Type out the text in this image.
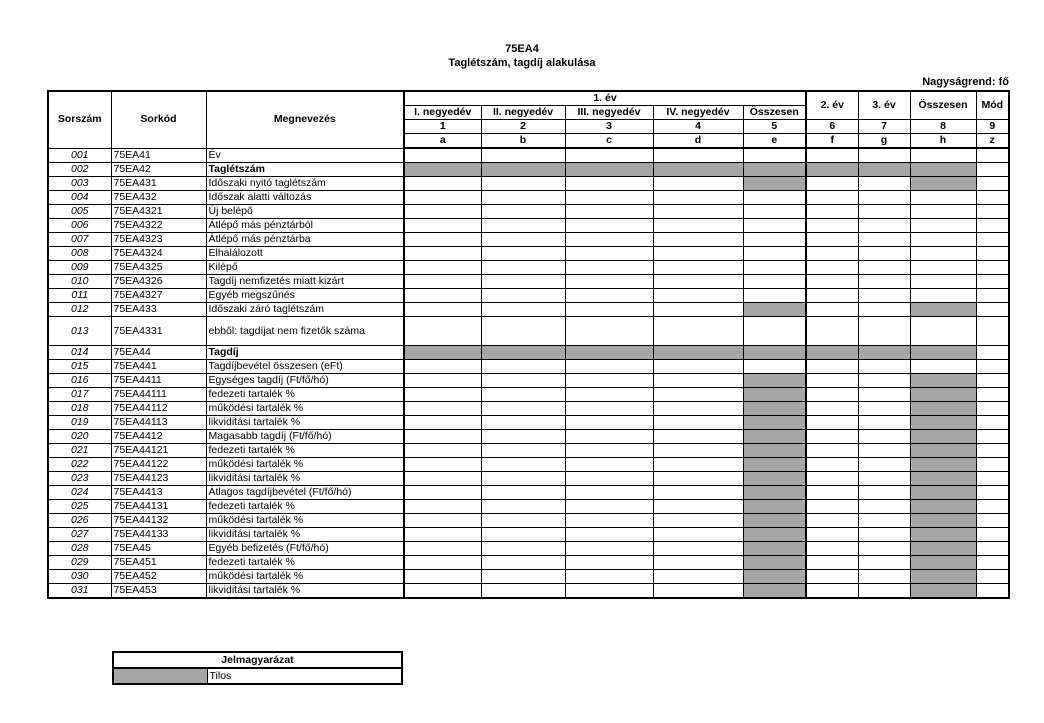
75EA4
Taglétszám, tagdíj alakulása
Nagyságrend: fő
Sorszám	Sorkód	Megnevezés	1. év					2. év	3. év	Összesen	Mód
			I. negyedév	II. negyedév	III. negyedév	IV. negyedév	Összesen				
			1	2	3	4	5	6	7	8	9
			a	b	c	d	e	f	g	h	z
001	75EA41	Év									
002	75EA42	Taglétszám									
003	75EA431	Időszaki nyitó taglétszám									
004	75EA432	Időszak alatti változás									
005	75EA4321	Új belépő									
006	75EA4322	Átlépő más pénztárból									
007	75EA4323	Átlépő más pénztárba									
008	75EA4324	Elhalálozott									
009	75EA4325	Kilépő									
010	75EA4326	Tagdíj nemfizetés miatt kizárt									
011	75EA4327	Egyéb megszűnés									
012	75EA433	Időszaki záró taglétszám									
013	75EA4331	ebből: tagdíjat nem fizetők száma									
014	75EA44	Tagdíj									
015	75EA441	Tagdíjbevétel összesen (eFt)									
016	75EA4411	Egységes tagdíj (Ft/fő/hó)									
017	75EA44111	fedezeti tartalék %									
018	75EA44112	működési tartalék %									
019	75EA44113	likviditási tartalék %									
020	75EA4412	Magasabb tagdíj (Ft/fő/hó)									
021	75EA44121	fedezeti tartalék %									
022	75EA44122	működési tartalék %									
023	75EA44123	likviditási tartalék %									
024	75EA4413	Átlagos tagdíjbevétel (Ft/fő/hó)									
025	75EA44131	fedezeti tartalék %									
026	75EA44132	működési tartalék %									
027	75EA44133	likviditási tartalék %									
028	75EA45	Egyéb befizetés (Ft/fő/hó)									
029	75EA451	fedezeti tartalék %									
030	75EA452	működési tartalék %									
031	75EA453	likviditási tartalék %									
Jelmagyarázat
	Tilos
